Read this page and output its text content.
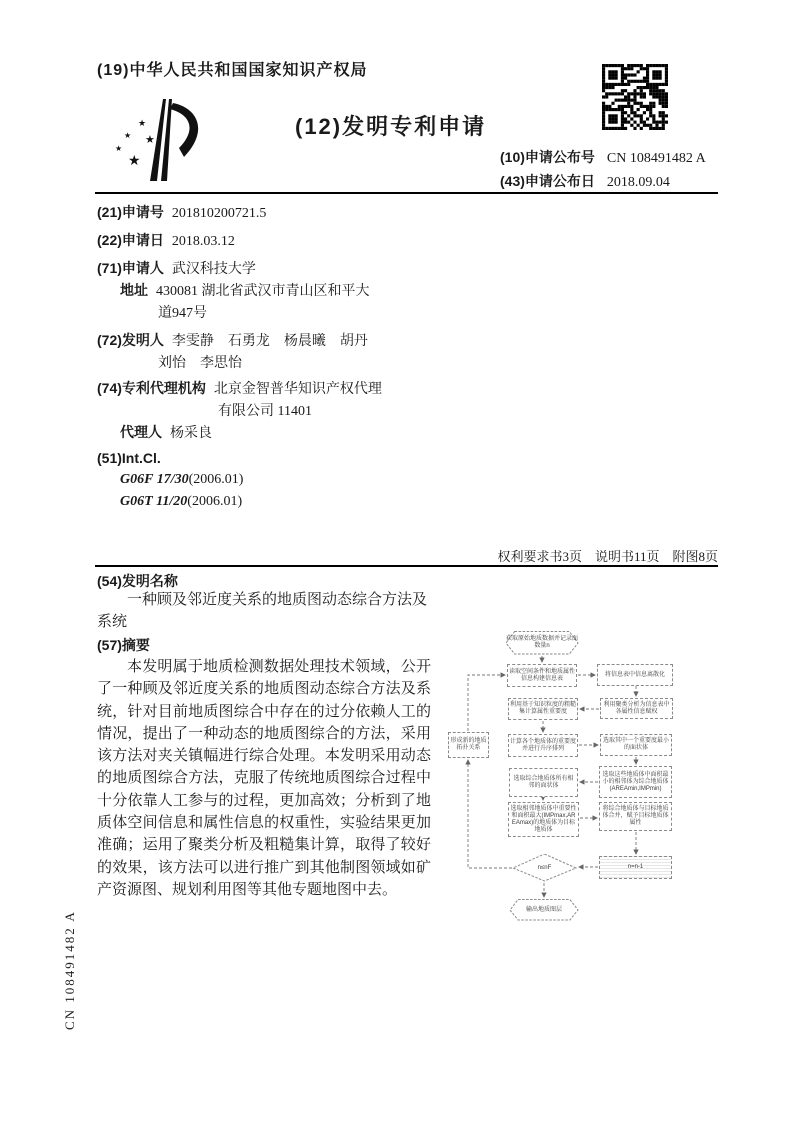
(19)中华人民共和国国家知识产权局
★
★ ★
★
★
(12)发明专利申请
(10)申请公布号 CN 108491482 A
(43)申请公布日 2018.09.04
(21)申请号 201810200721.5
(22)申请日 2018.03.12
(71)申请人 武汉科技大学
地址 430081 湖北省武汉市青山区和平大
道947号
(72)发明人 李雯静　石勇龙　杨晨曦　胡丹
刘怡　李思怡
(74)专利代理机构 北京金智普华知识产权代理
有限公司 11401
代理人 杨采良
(51)Int.Cl.
G06F 17/30(2006.01)
G06T 11/20(2006.01)
权利要求书3页　说明书11页　附图8页
(54)发明名称
一种顾及邻近度关系的地质图动态综合方法及系统
(57)摘要
本发明属于地质检测数据处理技术领域，公开了一种顾及邻近度关系的地质图动态综合方法及系统，针对目前地质图综合中存在的过分依赖人工的情况，提出了一种动态的地质图综合的方法，采用该方法对夹关镇幅进行综合处理。本发明采用动态的地质图综合方法，克服了传统地质图综合过程中十分依靠人工参与的过程，更加高效；分析到了地质体空间信息和属性信息的权重性，实验结果更加准确；运用了聚类分析及粗糙集计算，取得了较好的效果，该方法可以进行推广到其他制图领域如矿产资源图、规划利用图等其他专题地图中去。
获取原始地质数据并记录面数量n
读取空间条件和地质属性信息构建信息表
将信息表中信息离散化
利用基于知识粒度的粗糙集计算属性重要度
利用聚类分析为信息表中各属性信息赋权
计算各个地质体的重要度并进行升序排列
选取其中一个重要度最小的面状体
形成新的地质拓扑关系
选取综合地质体所有相邻的面状体
选取这些地质体中面积最小的相邻体为综合地质体(AREAmin,IMPmin)
选取相邻地质体中重要性和面积最大(IMPmax,AREAmax)的地质体为目标地质体
将综合地质体与目标地质体合并，赋予目标地质体属性
n≤nF	n=n-1
输出地质图层
CN 108491482 A
